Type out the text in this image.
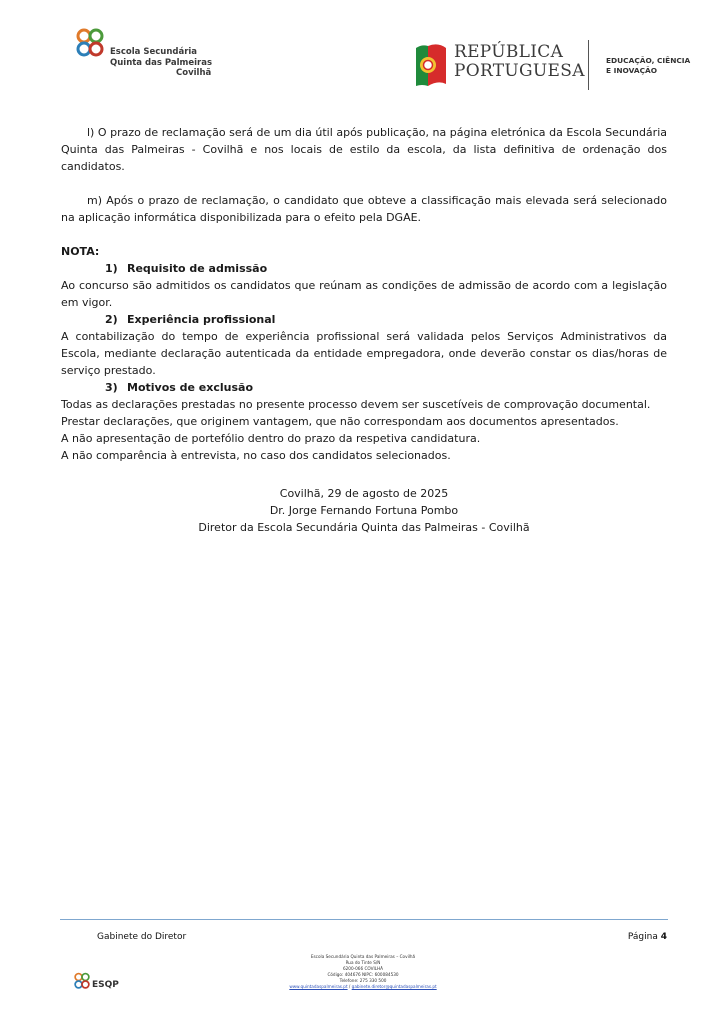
Escola Secundária
Quinta das Palmeiras
Covilhã
REPÚBLICA
PORTUGUESA
EDUCAÇÃO, CIÊNCIA
E INOVAÇÃO

l) O prazo de reclamação será de um dia útil após publicação, na página eletrónica da Escola Secundária Quinta das Palmeiras - Covilhã e nos locais de estilo da escola, da lista definitiva de ordenação dos candidatos.

m) Após o prazo de reclamação, o candidato que obteve a classificação mais elevada será selecionado na aplicação informática disponibilizada para o efeito pela DGAE.

NOTA:
1) Requisito de admissão

Ao concurso são admitidos os candidatos que reúnam as condições de admissão de acordo com a legislação em vigor.

2) Experiência profissional

A contabilização do tempo de experiência profissional será validada pelos Serviços Administrativos da Escola, mediante declaração autenticada da entidade empregadora, onde deverão constar os dias/horas de serviço prestado.

3) Motivos de exclusão
Todas as declarações prestadas no presente processo devem ser suscetíveis de comprovação documental.
Prestar declarações, que originem vantagem, que não correspondam aos documentos apresentados.
A não apresentação de portefólio dentro do prazo da respetiva candidatura.
A não comparência à entrevista, no caso dos candidatos selecionados.
Covilhã, 29 de agosto de 2025
Dr. Jorge Fernando Fortuna Pombo
Diretor da Escola Secundária Quinta das Palmeiras - Covilhã
Gabinete do Diretor	Página 4
Escola Secundária Quinta das Palmeiras – Covilhã
Rua do Tinte S/N
6200-066 COVILHÃ
Código: 404676 NIPC: 600084530
Telefone: 275 330 500
www.quintadaspalmeiras.pt / gabinete.diretor@quintadaspalmeiras.pt
ESQP
